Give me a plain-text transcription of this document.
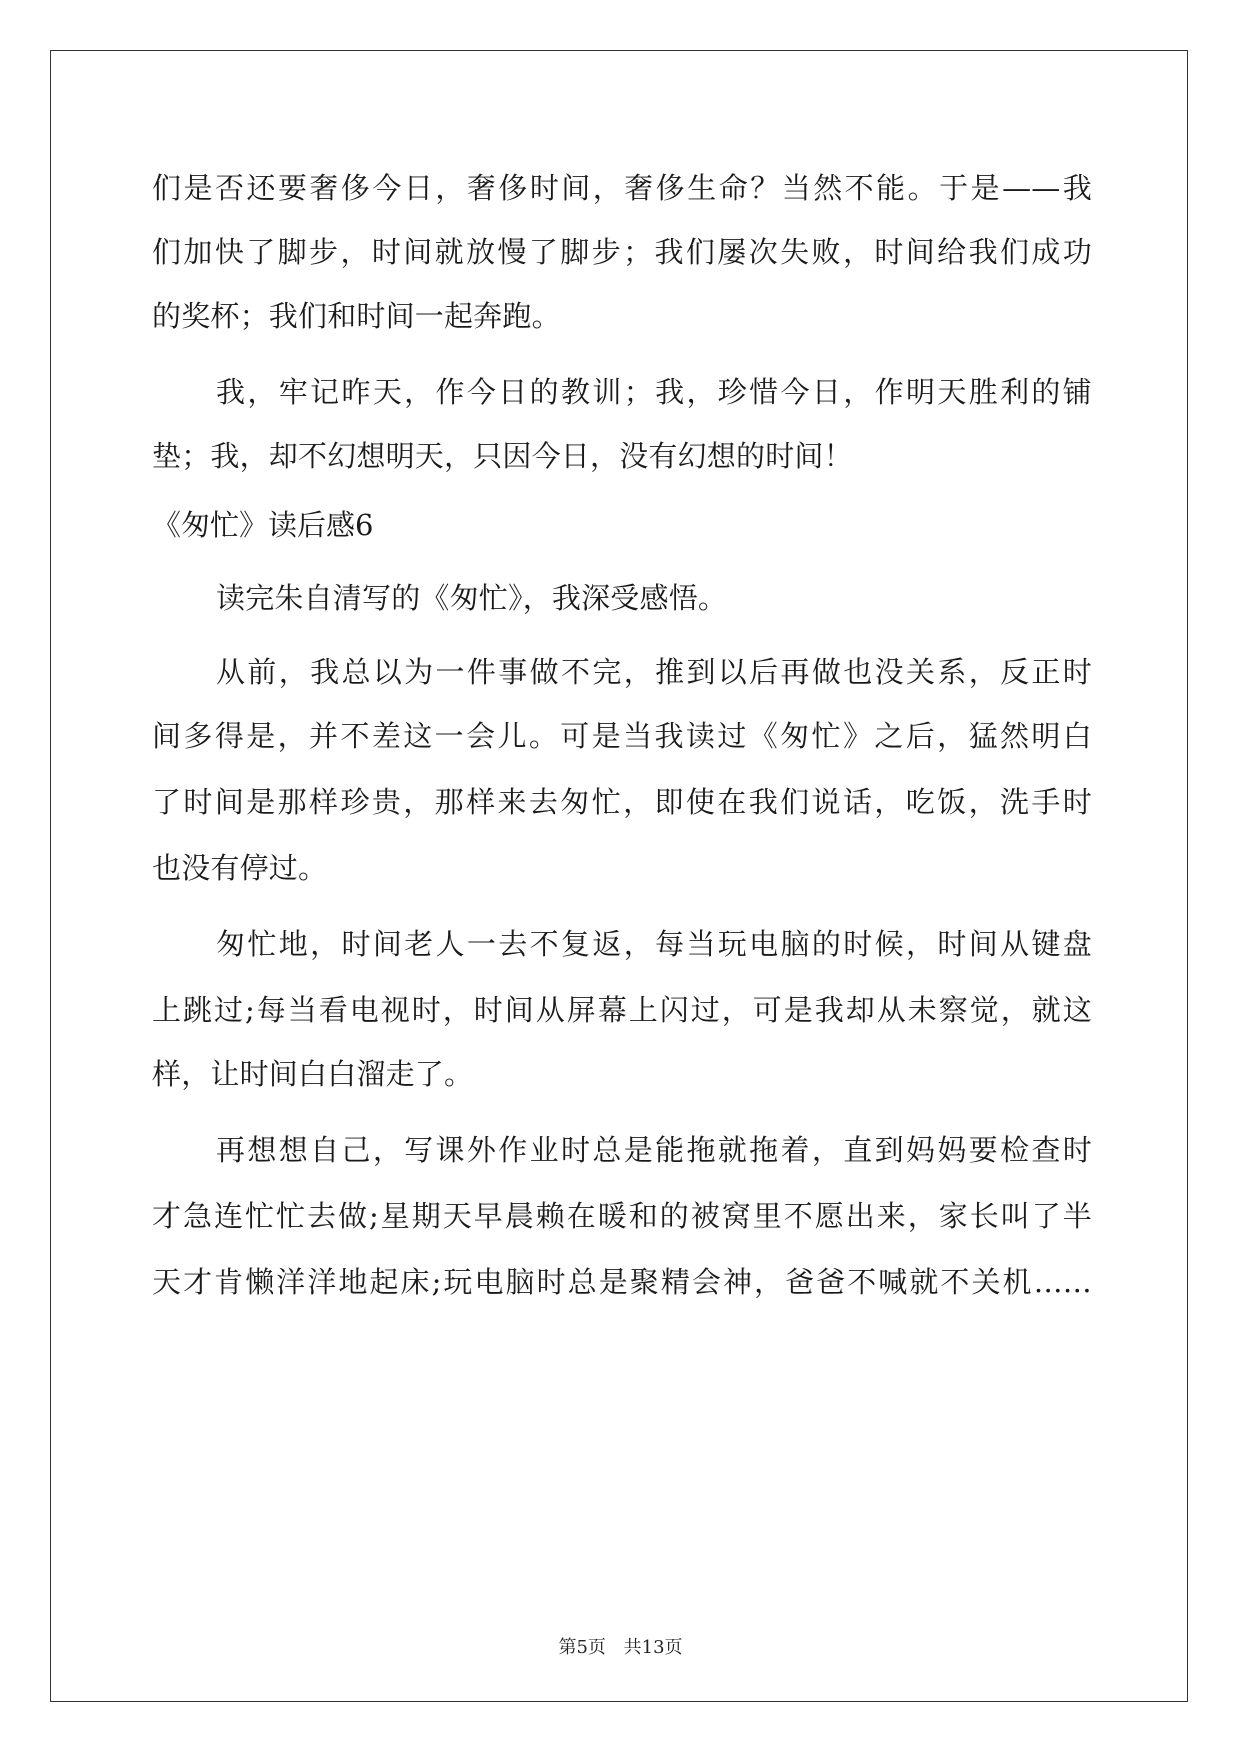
们是否还要奢侈今日，奢侈时间，奢侈生命？当然不能。于是——我
们加快了脚步，时间就放慢了脚步；我们屡次失败，时间给我们成功
的奖杯；我们和时间一起奔跑。
我，牢记昨天，作今日的教训；我，珍惜今日，作明天胜利的铺
垫；我，却不幻想明天，只因今日，没有幻想的时间！
《匆忙》读后感6
读完朱自清写的《匆忙》，我深受感悟。
从前，我总以为一件事做不完，推到以后再做也没关系，反正时
间多得是，并不差这一会儿。可是当我读过《匆忙》之后，猛然明白
了时间是那样珍贵，那样来去匆忙，即使在我们说话，吃饭，洗手时
也没有停过。
匆忙地，时间老人一去不复返，每当玩电脑的时候，时间从键盘
上跳过;每当看电视时，时间从屏幕上闪过，可是我却从未察觉，就这
样，让时间白白溜走了。
再想想自己，写课外作业时总是能拖就拖着，直到妈妈要检查时
才急连忙忙去做;星期天早晨赖在暖和的被窝里不愿出来，家长叫了半
天才肯懒洋洋地起床;玩电脑时总是聚精会神，爸爸不喊就不关机……
第5页 共13页
